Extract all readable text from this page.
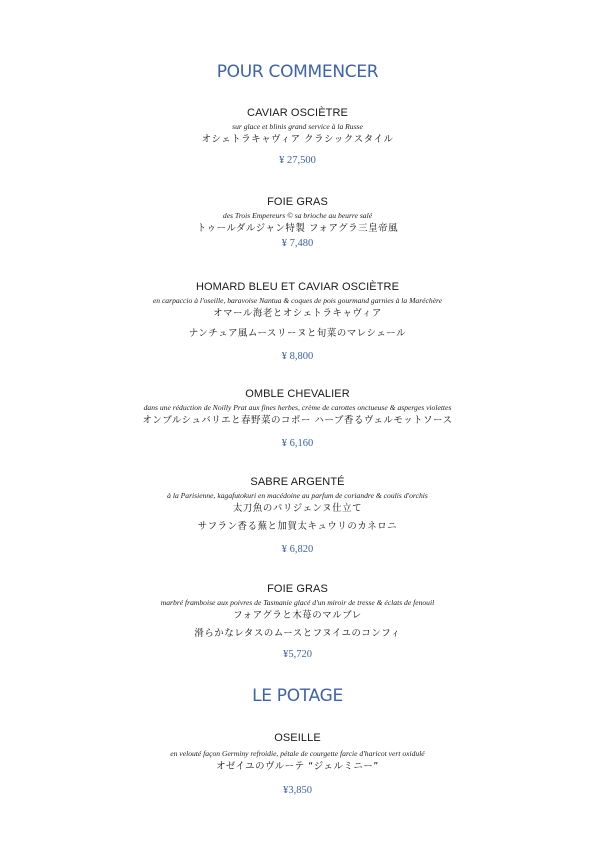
POUR COMMENCER
CAVIAR OSCIÈTRE
sur glace et blinis grand service à la Russe
オシェトラキャヴィア クラシックスタイル
¥ 27,500
FOIE GRAS
des Trois Empereurs © sa brioche au beurre salé
トゥールダルジャン特製 フォアグラ三皇帝風
¥ 7,480
HOMARD BLEU ET CAVIAR OSCIÈTRE
en carpaccio à l'oseille, baravoise Nantua & coques de pois gourmand garnies à la Maréchère
オマール海老とオシェトラキャヴィア
ナンチュア風ムースリーヌと旬菜のマレシェール
¥ 8,800
OMBLE CHEVALIER
dans une réduction de Noilly Prat aux fines herbes, crème de carottes onctueuse & asperges violettes
オンブルシュバリエと春野菜のコポー ハーブ香るヴェルモットソース
¥ 6,160
SABRE ARGENTÉ
à la Parisienne, kagafutokuri en macédoine au parfum de coriandre & coulis d'orchis
太刀魚のパリジェンヌ仕立て
サフラン香る蕪と加賀太キュウリのカネロニ
¥ 6,820
FOIE GRAS
marbré framboise aux poivres de Tasmanie glacé d'un miroir de tresse & éclats de fenouil
フォアグラと木苺のマルブレ
滑らかなレタスのムースとフヌイユのコンフィ
¥5,720
LE POTAGE
OSEILLE
en velouté façon Germiny refroidie, pétale de courgette farcie d'haricot vert oxidulé
オゼイユのヴルーテ “ジェルミニー”
¥3,850
